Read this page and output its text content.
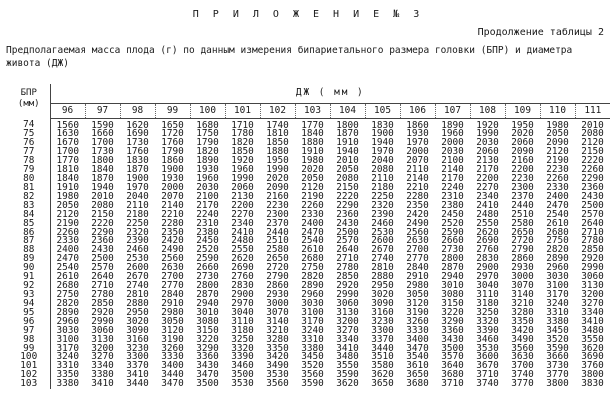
П Р И Л О Ж Е Н И Е № 3
Продолжение таблицы 2
Предполагаемая масса плода (г) по данным измерения бипариетального размера головки (БПР) и диаметра
живота (ДЖ)
БПР
(мм)	ДЖ ( мм )															
	96	97	98	99	100	101	102	103	104	105	106	107	108	109	110	111
74	1560	1590	1620	1650	1680	1710	1740	1770	1800	1830	1860	1890	1920	1950	1980	2010
75	1630	1660	1690	1720	1750	1780	1810	1840	1870	1900	1930	1960	1990	2020	2050	2080
76	1670	1700	1730	1760	1790	1820	1850	1880	1910	1940	1970	2000	2030	2060	2090	2120
77	1700	1730	1760	1790	1820	1850	1880	1910	1940	1970	2000	2030	2060	2090	2120	2150
78	1770	1800	1830	1860	1890	1920	1950	1980	2010	2040	2070	2100	2130	2160	2190	2220
79	1810	1840	1870	1900	1930	1960	1990	2020	2050	2080	2110	2140	2170	2200	2230	2260
80	1840	1870	1900	1930	1960	1990	2020	2050	2080	2110	2140	2170	2200	2230	2260	2290
81	1910	1940	1970	2000	2030	2060	2090	2120	2150	2180	2210	2240	2270	2300	2330	2360
82	1980	2010	2040	2070	2100	2130	2160	2190	2220	2250	2280	2310	2340	2370	2400	2430
83	2050	2080	2110	2140	2170	2200	2230	2260	2290	2320	2350	2380	2410	2440	2470	2500
84	2120	2150	2180	2210	2240	2270	2300	2330	2360	2390	2420	2450	2480	2510	2540	2570
85	2190	2220	2250	2280	2310	2340	2370	2400	2430	2460	2490	2520	2550	2580	2610	2640
86	2260	2290	2320	2350	2380	2410	2440	2470	2500	2530	2560	2590	2620	2650	2680	2710
87	2330	2360	2390	2420	2450	2480	2510	2540	2570	2600	2630	2660	2690	2720	2750	2780
88	2400	2430	2460	2490	2520	2550	2580	2610	2640	2670	2700	2730	2760	2790	2820	2850
89	2470	2500	2530	2560	2590	2620	2650	2680	2710	2740	2770	2800	2830	2860	2890	2920
90	2540	2570	2600	2630	2660	2690	2720	2750	2780	2810	2840	2870	2900	2930	2960	2990
91	2610	2640	2670	2700	2730	2760	2790	2820	2850	2880	2910	2940	2970	3000	3030	3060
92	2680	2710	2740	2770	2800	2830	2860	2890	2920	2950	2980	3010	3040	3070	3100	3130
93	2750	2780	2810	2840	2870	2900	2930	2960	2990	3020	3050	3080	3110	3140	3170	3200
94	2820	2850	2880	2910	2940	2970	3000	3030	3060	3090	3120	3150	3180	3210	3240	3270
95	2890	2920	2950	2980	3010	3040	3070	3100	3130	3160	3190	3220	3250	3280	3310	3340
96	2960	2990	3020	3050	3080	3110	3140	3170	3200	3230	3260	3290	3320	3350	3380	3410
97	3030	3060	3090	3120	3150	3180	3210	3240	3270	3300	3330	3360	3390	3420	3450	3480
98	3100	3130	3160	3190	3220	3250	3280	3310	3340	3370	3400	3430	3460	3490	3520	3550
99	3170	3200	3230	3260	3290	3320	3350	3380	3410	3440	3470	3500	3530	3560	3590	3620
100	3240	3270	3300	3330	3360	3390	3420	3450	3480	3510	3540	3570	3600	3630	3660	3690
101	3310	3340	3370	3400	3430	3460	3490	3520	3550	3580	3610	3640	3670	3700	3730	3760
102	3350	3380	3410	3440	3470	3500	3530	3560	3590	3620	3650	3680	3710	3740	3770	3800
103	3380	3410	3440	3470	3500	3530	3560	3590	3620	3650	3680	3710	3740	3770	3800	3830
